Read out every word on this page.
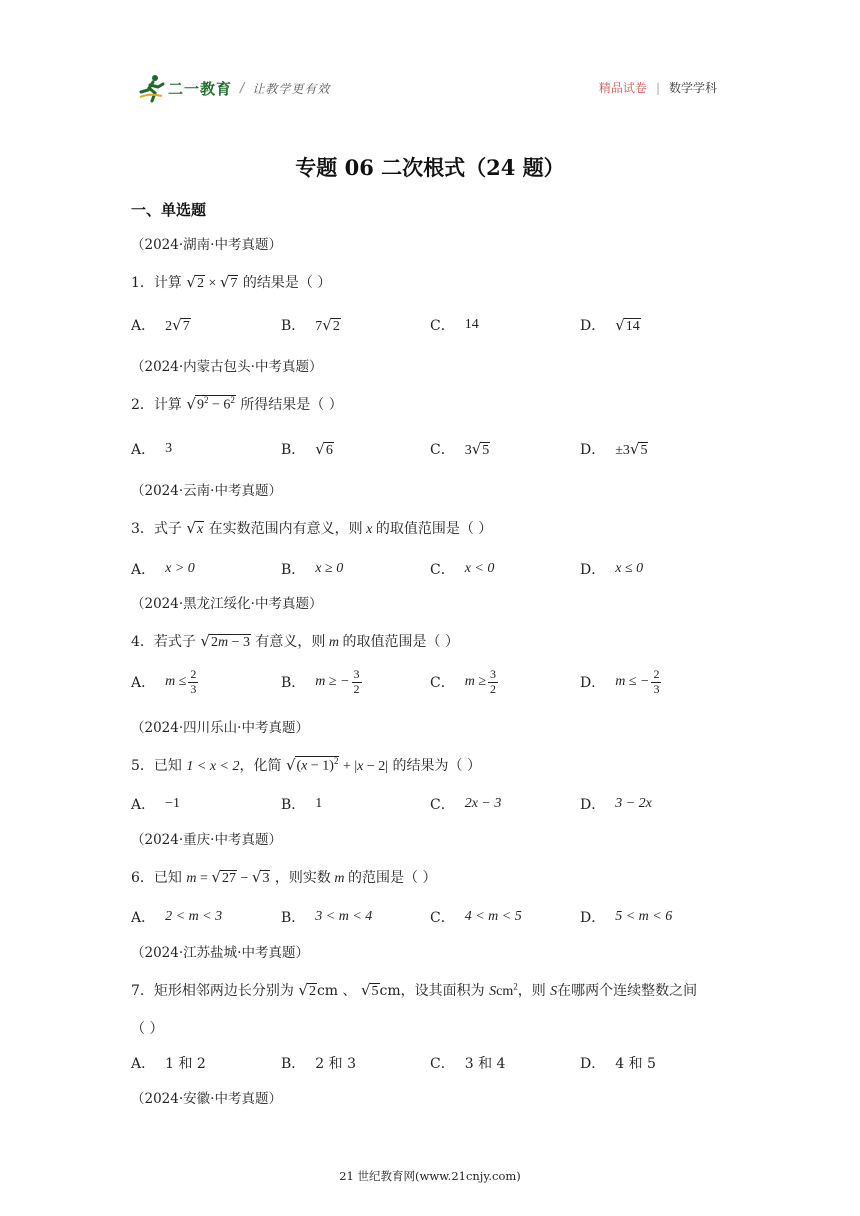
二一教育 / 让教学更有效	精品试卷 | 数学学科
专题 06 二次根式（24 题）
一、单选题
（2024·湖南·中考真题）
1．计算 √2 × √7 的结果是（ ）
A． 2√7	B． 7√2	C． 14	D． √14
（2024·内蒙古包头·中考真题）
2．计算 $√9^2 - 6^2$ 所得结果是（ ）
A． 3	B． √6	C． 3√5	D． ±3√5
（2024·云南·中考真题）
3．式子 √x 在实数范围内有意义，则 x 的取值范围是（ ）
A． x > 0	B． x ≥ 0	C． x < 0	D． x ≤ 0
（2024·黑龙江绥化·中考真题）
4．若式子 √2m − 3 有意义，则 m 的取值范围是（ ）
A． $m \le \frac{2}{3}$	B． m ≥ − $\frac{3}{2}$	C． $m \ge \frac{3}{2}$	D． m ≤ − $\frac{2}{3}$
（2024·四川乐山·中考真题）
5．已知 1 < x < 2，化简 $√(x - 1)^2 + |x - 2|$ 的结果为（ ）
A． −1	B． 1	C． 2x − 3	D． 3 − 2x
（2024·重庆·中考真题）
6．已知 m = √27 − √3 ，则实数 m 的范围是（ ）
A． 2 < m < 3	B． 3 < m < 4	C． 4 < m < 5	D． 5 < m < 6
（2024·江苏盐城·中考真题）
7．矩形相邻两边长分别为 √2cm 、 √5cm，设其面积为 Scm$^2$，则 S在哪两个连续整数之间
（ ）
A． 1 和 2	B． 2 和 3	C． 3 和 4	D． 4 和 5
（2024·安徽·中考真题）
21 世纪教育网(www.21cnjy.com)
